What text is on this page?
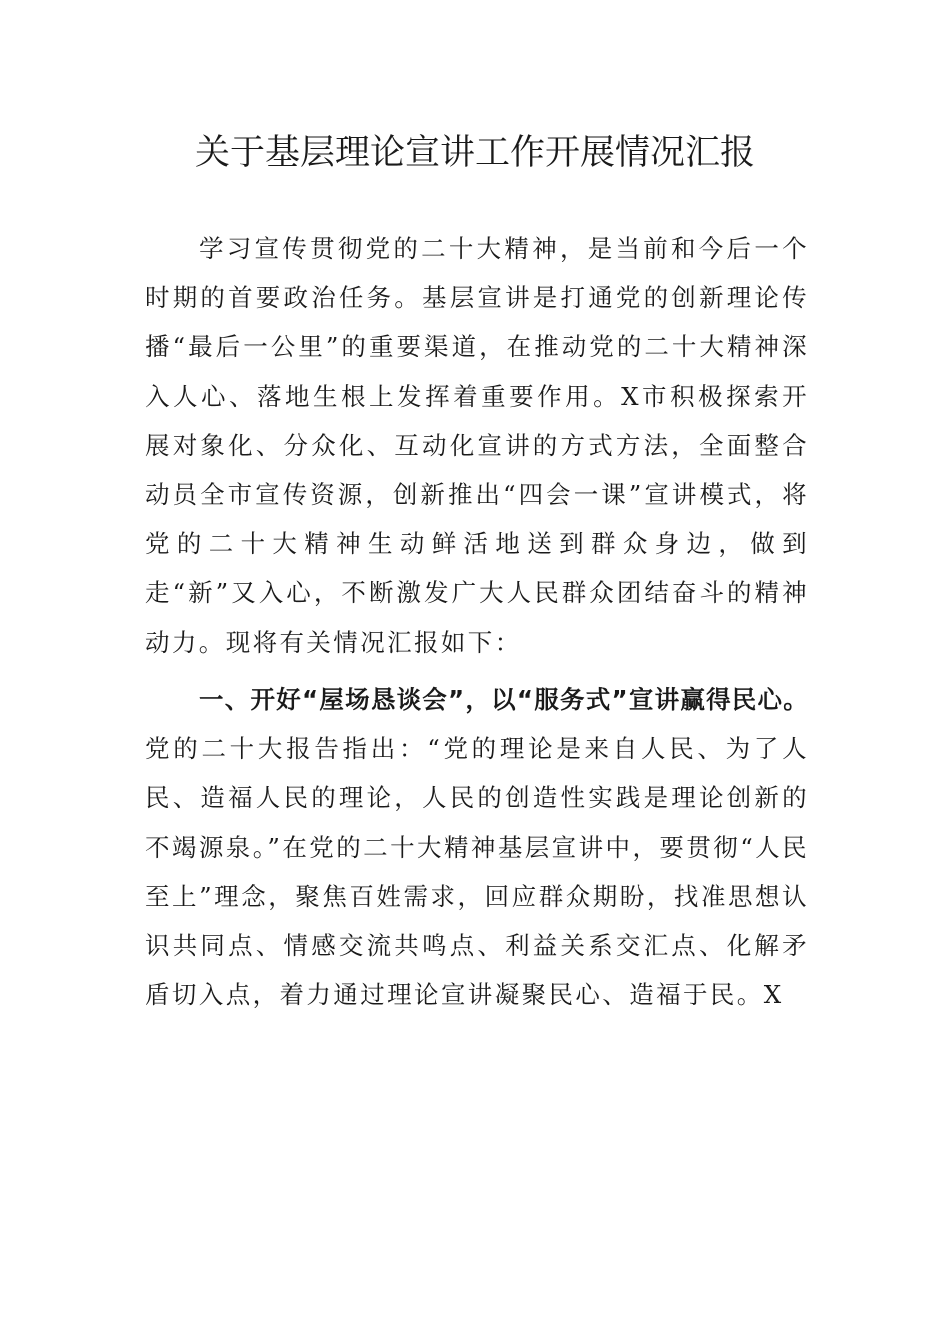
关于基层理论宣讲工作开展情况汇报

学习宣传贯彻党的二十大精神，是当前和今后一个时期的首要政治任务。基层宣讲是打通党的创新理论传播“最后一公里”的重要渠道，在推动党的二十大精神深入人心、落地生根上发挥着重要作用。X市积极探索开展对象化、分众化、互动化宣讲的方式方法，全面整合动员全市宣传资源，创新推出“四会一课”宣讲模式，将党的二十大精神生动鲜活地送到群众身边，做到走“新”又入心，不断激发广大人民群众团结奋斗的精神动力。现将有关情况汇报如下：

一、开好“屋场恳谈会”，以“服务式”宣讲赢得民心。党的二十大报告指出：“党的理论是来自人民、为了人民、造福人民的理论，人民的创造性实践是理论创新的不竭源泉。”在党的二十大精神基层宣讲中，要贯彻“人民至上”理念，聚焦百姓需求，回应群众期盼，找准思想认识共同点、情感交流共鸣点、利益关系交汇点、化解矛盾切入点，着力通过理论宣讲凝聚民心、造福于民。X
